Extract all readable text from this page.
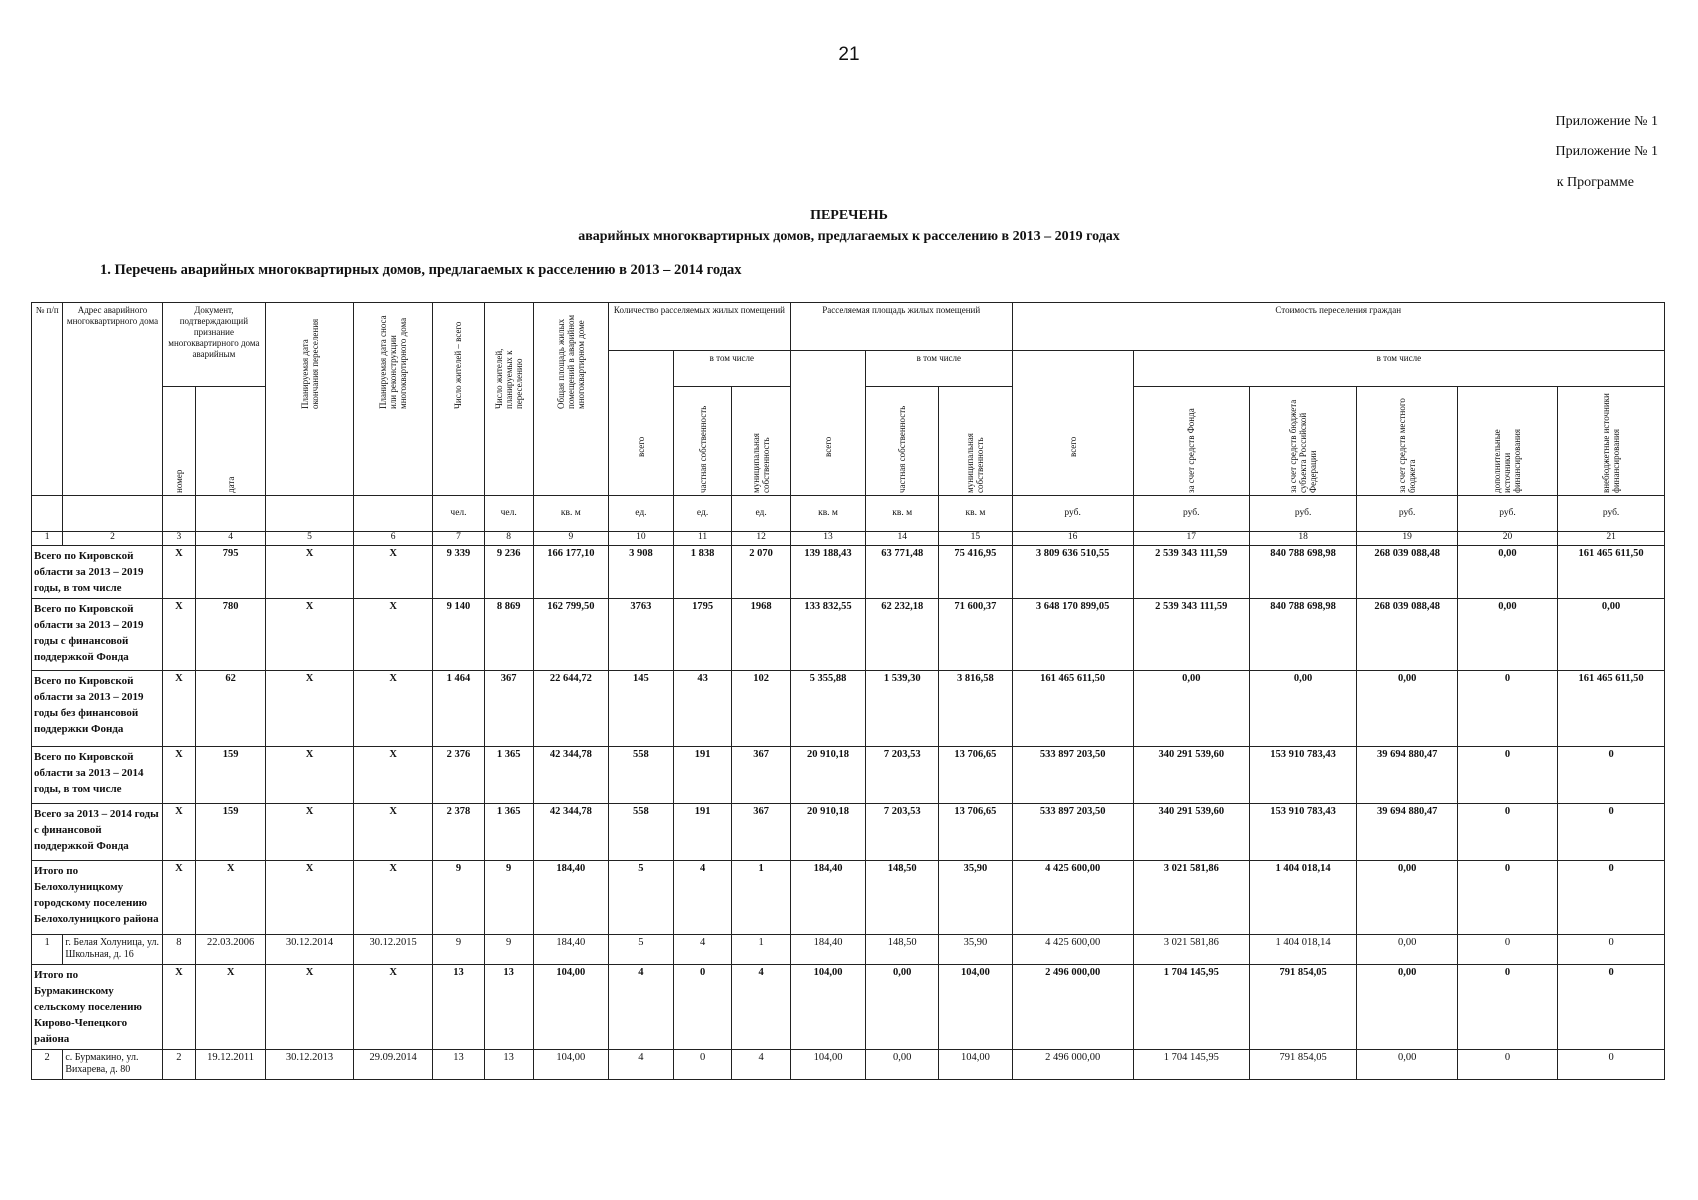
21
Приложение № 1
Приложение № 1
к Программе
ПЕРЕЧЕНЬ
аварийных многоквартирных домов, предлагаемых к расселению в 2013 – 2019 годах
1. Перечень аварийных многоквартирных домов, предлагаемых к расселению в 2013 – 2014 годах
№ п/п	Адрес аварийного многоквартирного дома	Документ, подтверждающий признание многоквартирного дома аварийным		Планируемая дата окончания переселения	Планируемая дата сноса или реконструкции многоквартирного дома	Число жителей – всего	Число жителей, планируемых к переселению	Общая площадь жилых помещений в аварийном многоквартирном доме	Количество расселяемых жилых помещений			Расселяемая площадь жилых помещений			Стоимость переселения граждан					

									всего	в том числе		всего	в том числе		всего	в том числе				

		номер	дата							частная собственность	муниципальная собственность		частная собственность	муниципальная собственность		за счет средств Фонда	за счет средств бюджета субъекта Российской Федерации	за счет средств местного бюджета	дополнительные источники финансирования	внебюджетные источники финансирования

						чел.	чел.	кв. м	ед.	ед.	ед.	кв. м	кв. м	кв. м	руб.	руб.	руб.	руб.	руб.	руб.
1	2	3	4	5	6	7	8	9	10	11	12	13	14	15	16	17	18	19	20	21
Всего по Кировской области за 2013 – 2019 годы, в том числе		X	795	X	X	9 339	9 236	166 177,10	3 908	1 838	2 070	139 188,43	63 771,48	75 416,95	3 809 636 510,55	2 539 343 111,59	840 788 698,98	268 039 088,48	0,00	161 465 611,50
Всего по Кировской области за 2013 – 2019 годы с финансовой поддержкой Фонда		X	780	X	X	9 140	8 869	162 799,50	3763	1795	1968	133 832,55	62 232,18	71 600,37	3 648 170 899,05	2 539 343 111,59	840 788 698,98	268 039 088,48	0,00	0,00
Всего по Кировской области за 2013 – 2019 годы без финансовой поддержки Фонда		X	62	X	X	1 464	367	22 644,72	145	43	102	5 355,88	1 539,30	3 816,58	161 465 611,50	0,00	0,00	0,00	0	161 465 611,50
Всего по Кировской области за 2013 – 2014 годы, в том числе		X	159	X	X	2 376	1 365	42 344,78	558	191	367	20 910,18	7 203,53	13 706,65	533 897 203,50	340 291 539,60	153 910 783,43	39 694 880,47	0	0
Всего за 2013 – 2014 годы с финансовой поддержкой Фонда		X	159	X	X	2 378	1 365	42 344,78	558	191	367	20 910,18	7 203,53	13 706,65	533 897 203,50	340 291 539,60	153 910 783,43	39 694 880,47	0	0
Итого по Белохолуницкому городскому поселению Белохолуницкого района		X	X	X	X	9	9	184,40	5	4	1	184,40	148,50	35,90	4 425 600,00	3 021 581,86	1 404 018,14	0,00	0	0
1	г. Белая Холуница, ул. Школьная, д. 16	8	22.03.2006	30.12.2014	30.12.2015	9	9	184,40	5	4	1	184,40	148,50	35,90	4 425 600,00	3 021 581,86	1 404 018,14	0,00	0	0
Итого по Бурмакинскому сельскому поселению Кирово-Чепецкого района		X	X	X	X	13	13	104,00	4	0	4	104,00	0,00	104,00	2 496 000,00	1 704 145,95	791 854,05	0,00	0	0
2	с. Бурмакино, ул. Вихарева, д. 80	2	19.12.2011	30.12.2013	29.09.2014	13	13	104,00	4	0	4	104,00	0,00	104,00	2 496 000,00	1 704 145,95	791 854,05	0,00	0	0
